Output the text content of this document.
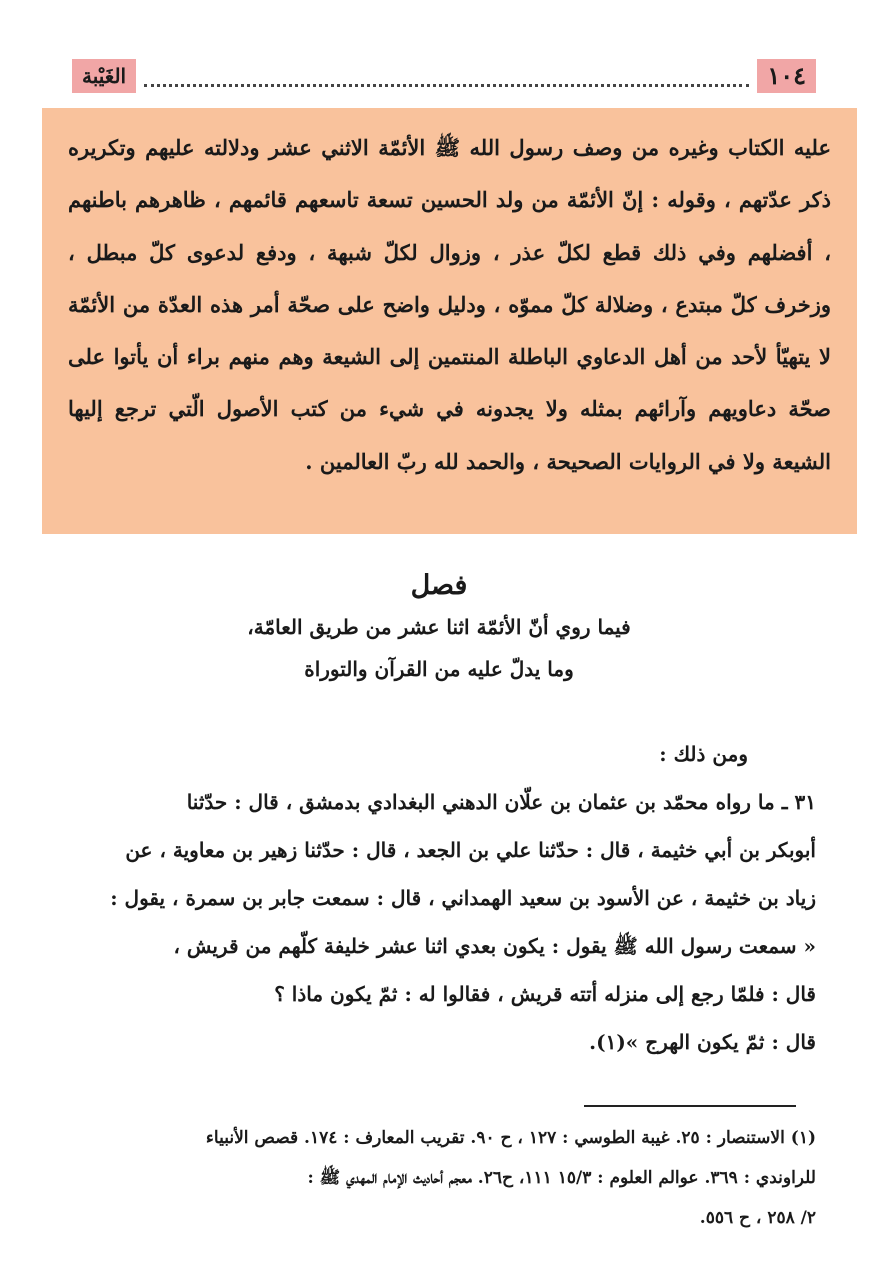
١٠٤
الغَيْبة

عليه الكتاب وغيره من وصف رسول الله ﷺ الأئمّة الاثني عشر ودلالته عليهم وتكريره ذكر عدّتهم ، وقوله : إنّ الأئمّة من ولد الحسين تسعة تاسعهم قائمهم ، ظاهرهم باطنهم ، أفضلهم وفي ذلك قطع لكلّ عذر ، وزوال لكلّ شبهة ، ودفع لدعوى كلّ مبطل ، وزخرف كلّ مبتدع ، وضلالة كلّ مموّه ، ودليل واضح على صحّة أمر هذه العدّة من الأئمّة لا يتهيّأ لأحد من أهل الدعاوي الباطلة المنتمين إلى الشيعة وهم منهم براء أن يأتوا على صحّة دعاويهم وآرائهم بمثله ولا يجدونه في شيء من كتب الأصول الّتي ترجع إليها الشيعة ولا في الروايات الصحيحة ، والحمد لله ربّ العالمين .

فصل

فيما روي أنّ الأئمّة اثنا عشر من طريق العامّة،

وما يدلّ عليه من القرآن والتوراة

ومن ذلك :

٣١ ـ ما رواه محمّد بن عثمان بن علّان الدهني البغدادي بدمشق ، قال : حدّثنا

أبوبكر بن أبي خثيمة ، قال : حدّثنا علي بن الجعد ، قال : حدّثنا زهير بن معاوية ، عن

زياد بن خثيمة ، عن الأسود بن سعيد الهمداني ، قال : سمعت جابر بن سمرة ، يقول :

« سمعت رسول الله ﷺ يقول : يكون بعدي اثنا عشر خليفة كلّهم من قريش ،

قال : فلمّا رجع إلى منزله أتته قريش ، فقالوا له : ثمّ يكون ماذا ؟

قال : ثمّ يكون الهرج »(١).

(١) الاستنصار : ٢٥. غيبة الطوسي : ١٢٧ ، ح ٩٠. تقريب المعارف : ١٧٤. قصص الأنبياء

للراوندي : ٣٦٩. عوالم العلوم : ١٥/٣ ١١١، ح٢٦. معجم أحاديث الإمام المهدي ﷺ :

٢/ ٢٥٨ ، ح ٥٥٦.
